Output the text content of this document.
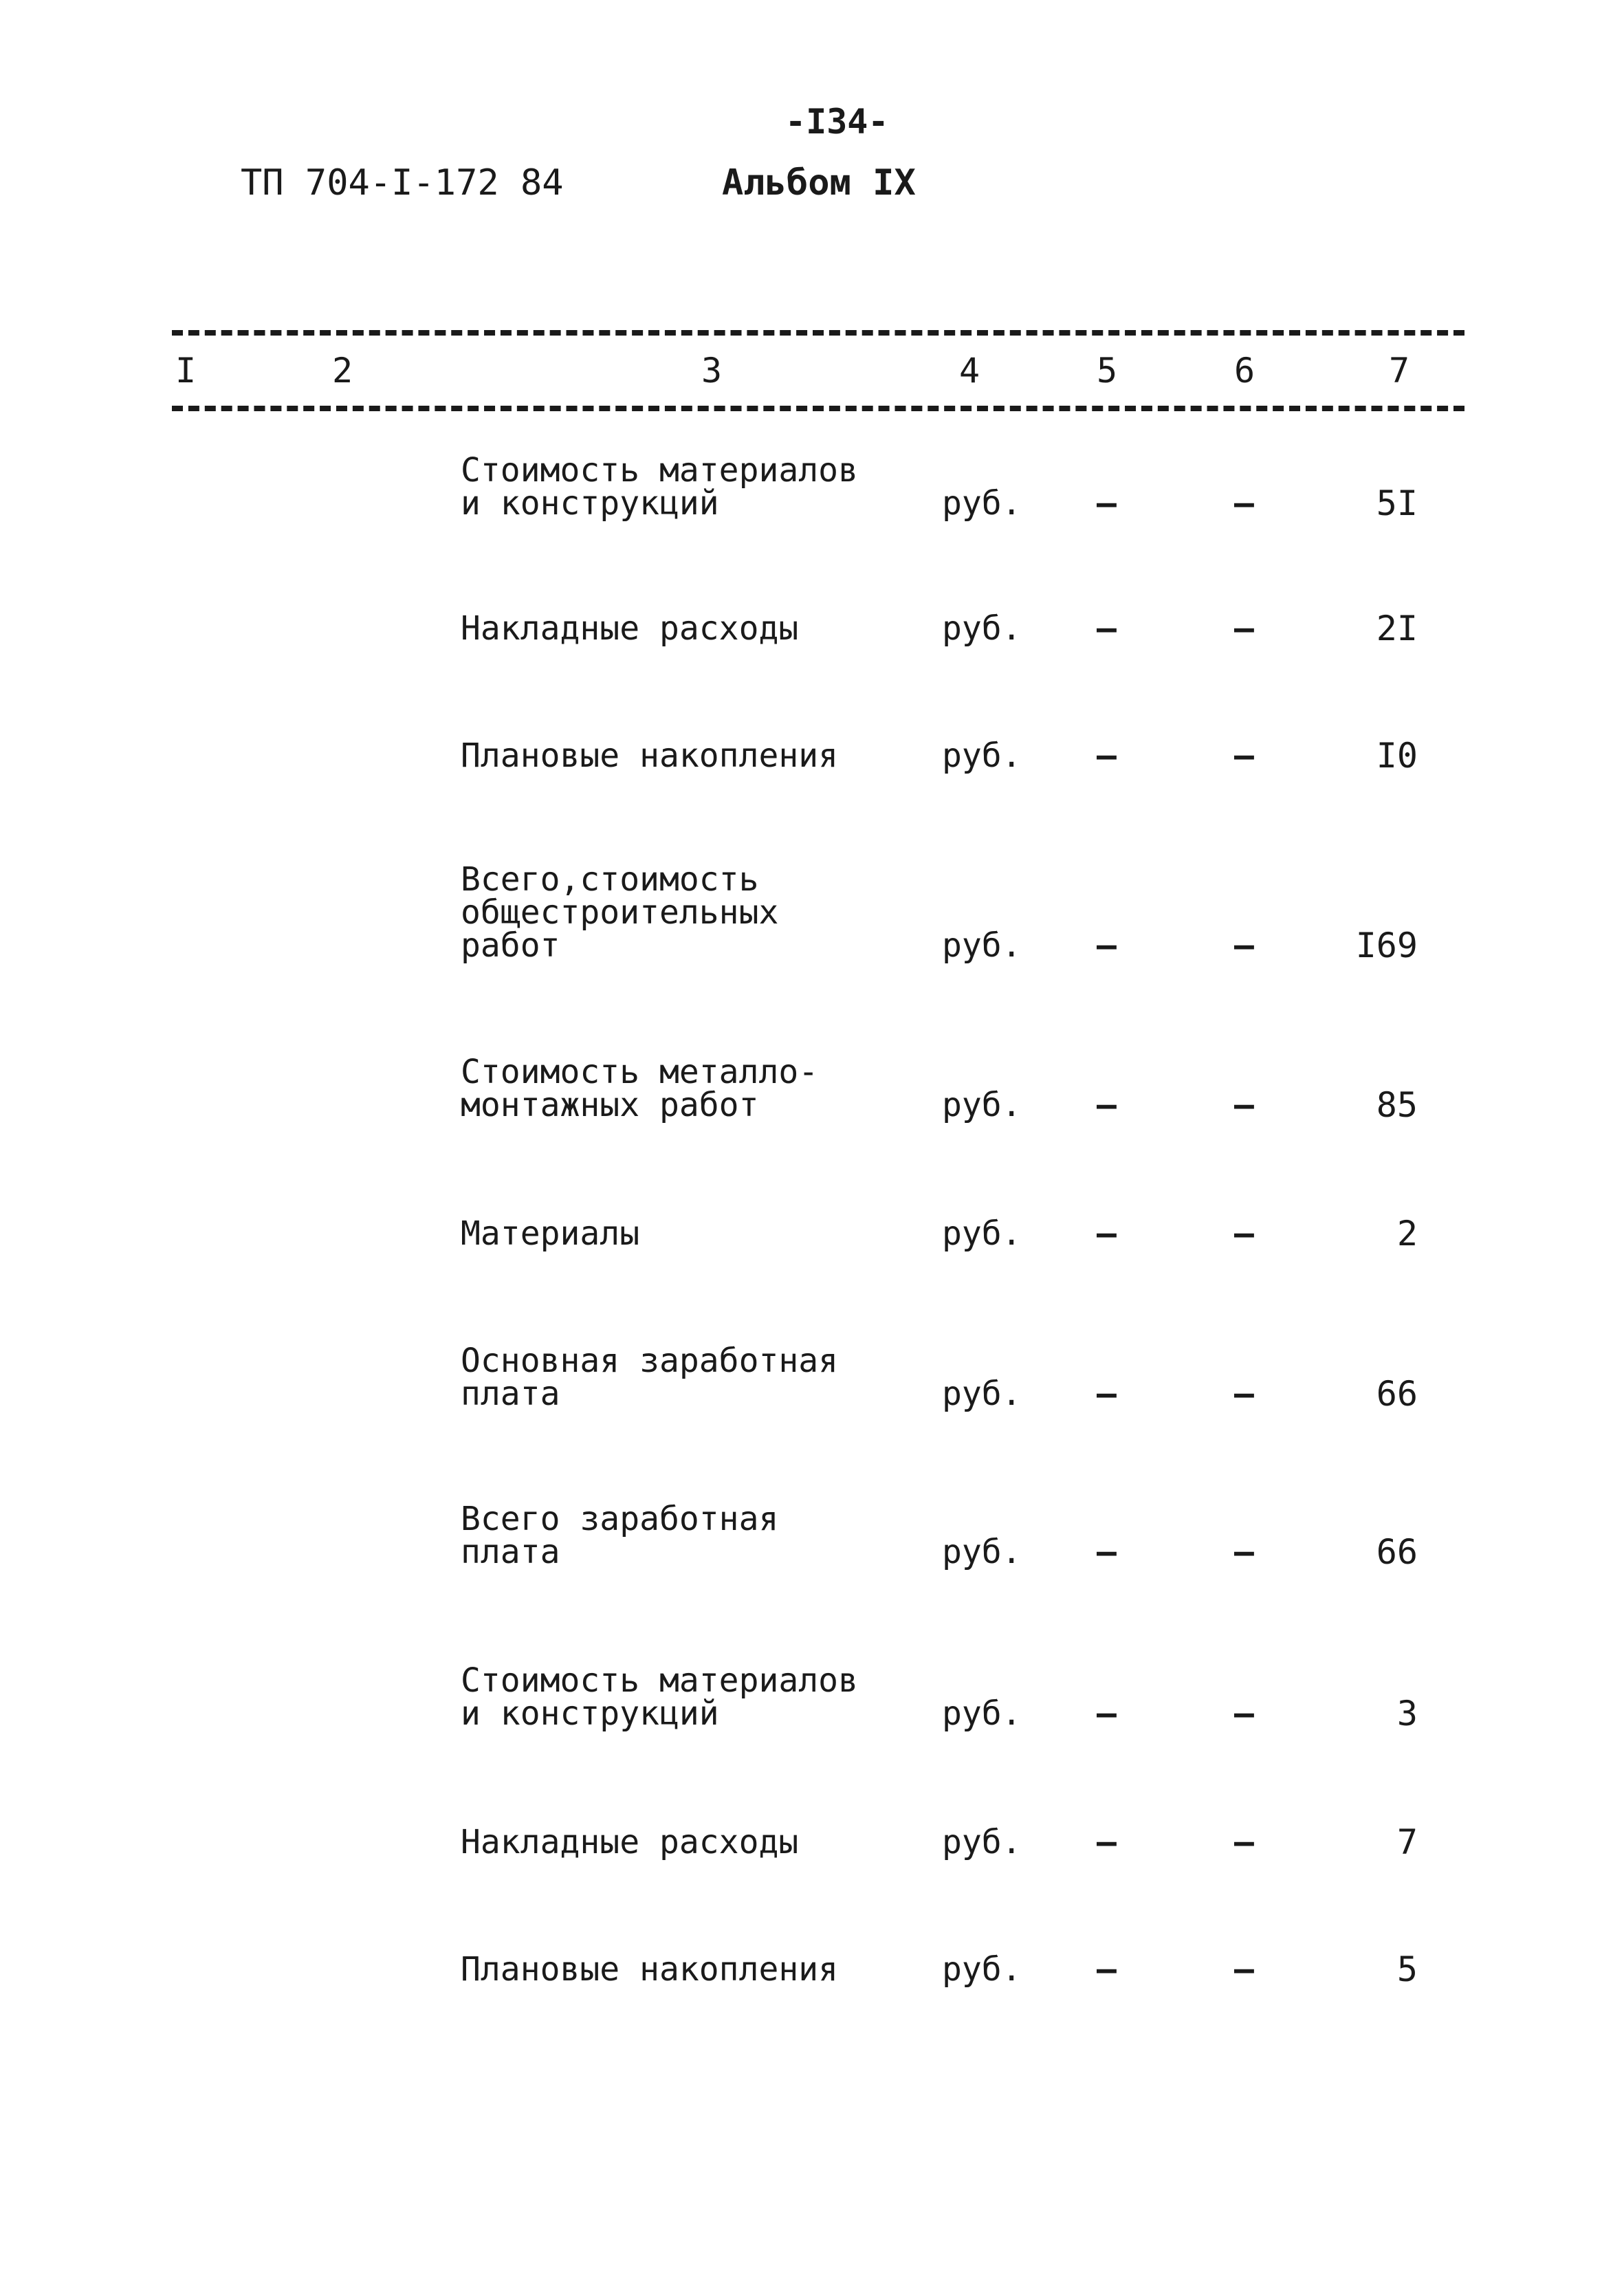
-I34-
ТП 704-I-172 84	Альбом IX
I	2	3	4	5	6	7
Стоимость материалов
и конструкций	руб. –	–	5I
Накладные расходы	руб. –	–	2I
Плановые накопления	руб. –	–	I0
Всего,стоимость
общестроительных
работ	руб. –	–	I69
Стоимость металло-
монтажных работ	руб. –	–	85
Материалы	руб. –	–	2
Основная заработная
плата	руб. –	–	66
Всего заработная
плата	руб. –	–	66
Стоимость материалов
и конструкций	руб. –	–	3
Накладные расходы	руб. –	–	7
Плановые накопления	руб. –	–	5
